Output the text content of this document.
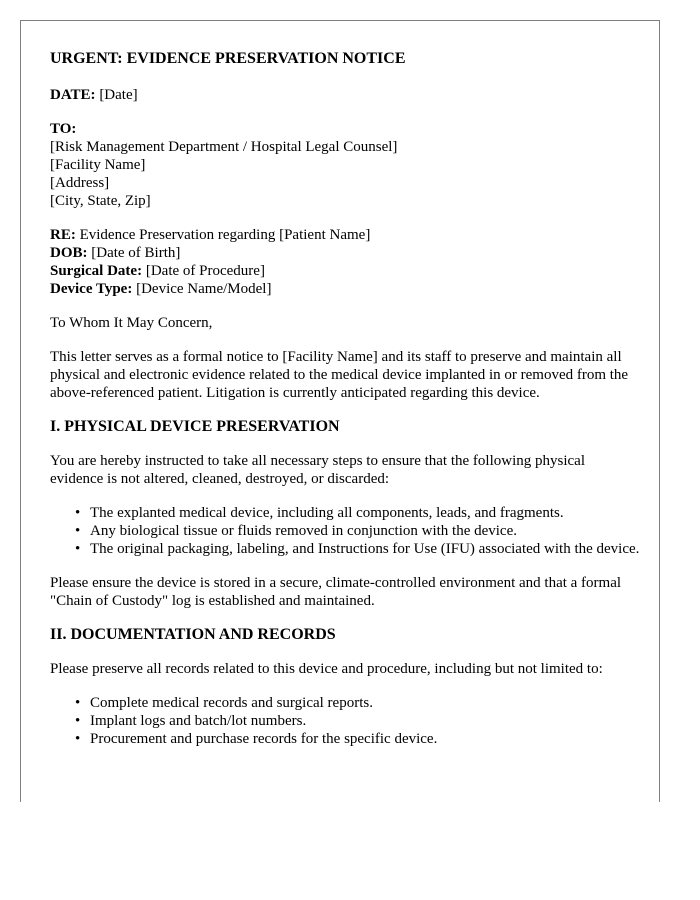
URGENT: EVIDENCE PRESERVATION NOTICE
DATE: [Date]
TO:
[Risk Management Department / Hospital Legal Counsel]
[Facility Name]
[Address]
[City, State, Zip]
RE: Evidence Preservation regarding [Patient Name]
DOB: [Date of Birth]
Surgical Date: [Date of Procedure]
Device Type: [Device Name/Model]
To Whom It May Concern,
This letter serves as a formal notice to [Facility Name] and its staff to preserve and maintain all physical and electronic evidence related to the medical device implanted in or removed from the above-referenced patient. Litigation is currently anticipated regarding this device.
I. PHYSICAL DEVICE PRESERVATION
You are hereby instructed to take all necessary steps to ensure that the following physical evidence is not altered, cleaned, destroyed, or discarded:
• The explanted medical device, including all components, leads, and fragments.
• Any biological tissue or fluids removed in conjunction with the device.
• The original packaging, labeling, and Instructions for Use (IFU) associated with the device.
Please ensure the device is stored in a secure, climate-controlled environment and that a formal "Chain of Custody" log is established and maintained.
II. DOCUMENTATION AND RECORDS
Please preserve all records related to this device and procedure, including but not limited to:
• Complete medical records and surgical reports.
• Implant logs and batch/lot numbers.
• Procurement and purchase records for the specific device.
